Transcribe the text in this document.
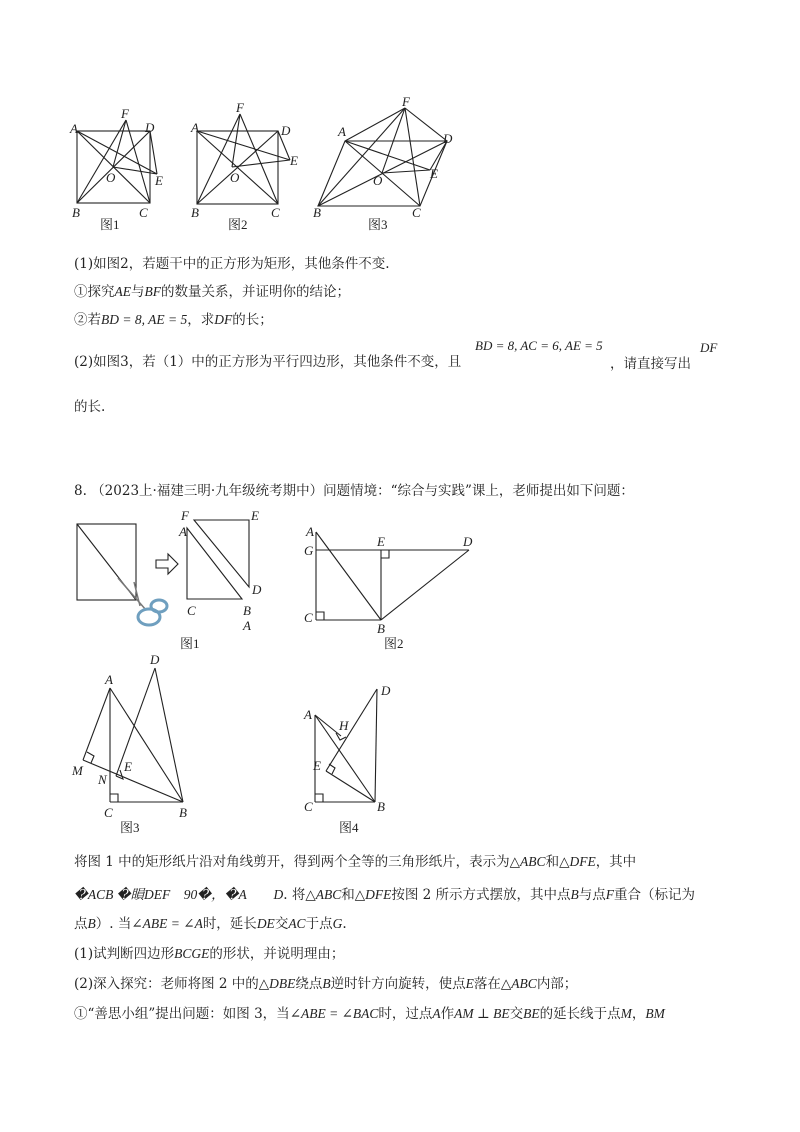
A
F
D
O	E
B	C
图1
A
F
D
E
O
B	C
图2
A
F
D
E
O
B	C
图3
(1)如图2，若题干中的正方形为矩形，其他条件不变.
①探究AE与BF的数量关系，并证明你的结论；
②若BD = 8, AE = 5，求DF的长；
(2)如图3，若（1）中的正方形为平行四边形，其他条件不变，且
BD = 8, AC = 6, AE = 5
，请直接写出
DF
的长.
8. （2023上·福建三明·九年级统考期中）问题情境：“综合与实践”课上，老师提出如下问题：
F	E
A
D
C	B
A
图1
A
G
E	D
C
B
图2
D
A
M	E
N
C	B
图3
D
A
H
E
C	B
图4
将图 1 中的矩形纸片沿对角线剪开，得到两个全等的三角形纸片，表示为△ABC和△DFE，其中
�ACB �䁚DEF　90�，�A　　D. 将△ABC和△DFE按图 2 所示方式摆放，其中点B与点F重合（标记为
点B）. 当∠ABE = ∠A时，延长DE交AC于点G.
(1)试判断四边形BCGE的形状，并说明理由；
(2)深入探究：老师将图 2 中的△DBE绕点B逆时针方向旋转，使点E落在△ABC内部；
①“善思小组”提出问题：如图 3，当∠ABE = ∠BAC时，过点A作AM ⊥ BE交BE的延长线于点M，BM
